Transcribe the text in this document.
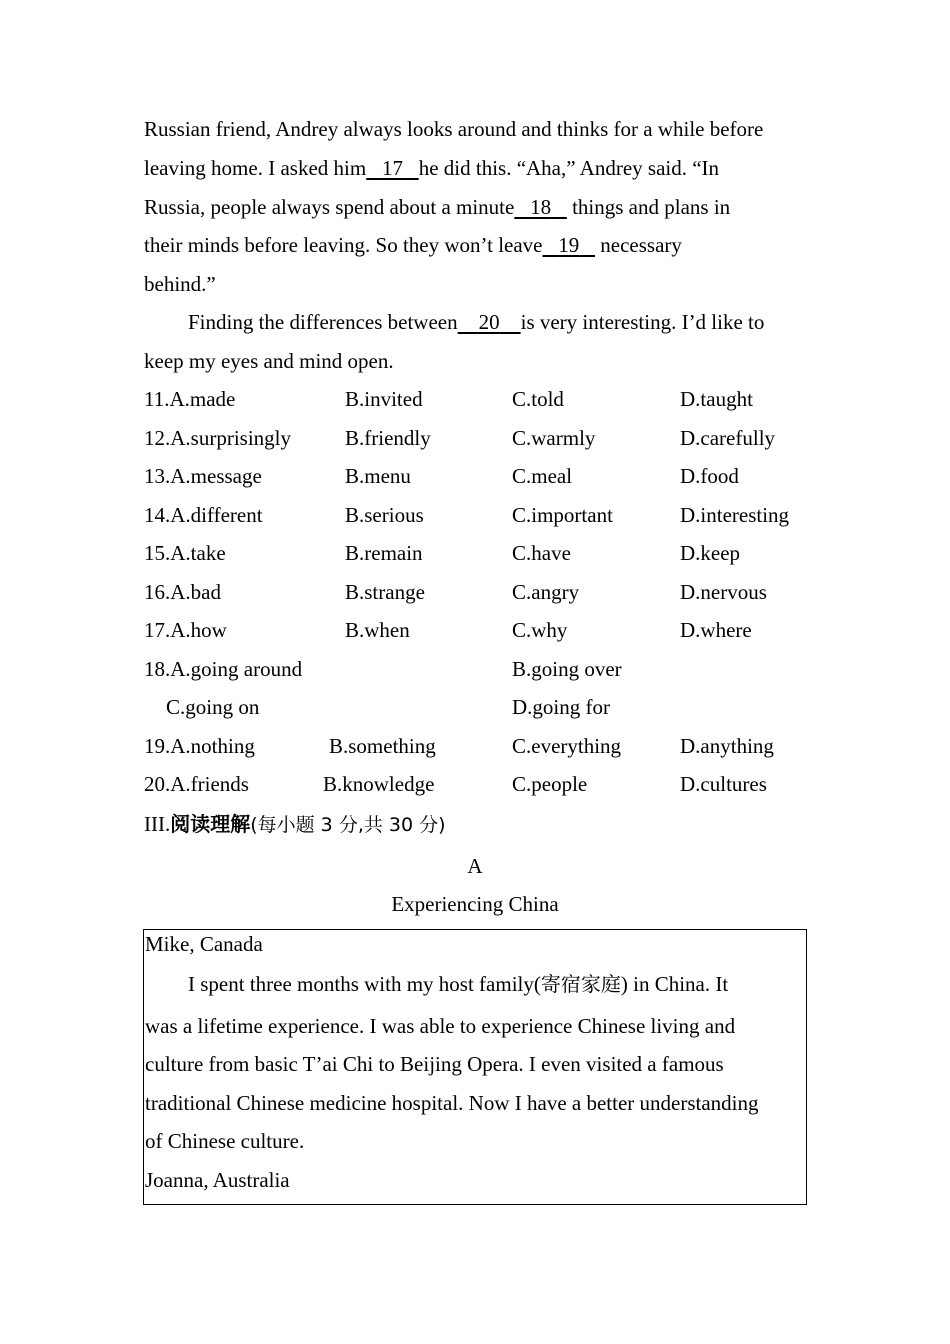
Russian friend, Andrey always looks around and thinks for a while before
leaving home. I asked him 17 he did this. “Aha,” Andrey said. “In
Russia, people always spend about a minute 18    things and plans in
their minds before leaving. So they won’t leave 19    necessary
behind.”
Finding the differences between 20 is very interesting. I’d like to
keep my eyes and mind open.
11.A.made	B.invited	C.told	D.taught
12.A.surprisingly	B.friendly	C.warmly	D.carefully
13.A.message	B.menu	C.meal	D.food
14.A.different	B.serious	C.important	D.interesting
15.A.take	B.remain	C.have	D.keep
16.A.bad	B.strange	C.angry	D.nervous
17.A.how	B.when	C.why	D.where
18.A.going around	B.going over
C.going on	D.going for
19.A.nothing	B.something	C.everything	D.anything
20.A.friends	B.knowledge	C.people	D.cultures
III.阅读理解(每小题 3 分,共 30 分)
A
Experiencing China
Mike, Canada
I spent three months with my host family(寄宿家庭) in China. It
was a lifetime experience. I was able to experience Chinese living and
culture from basic T’ai Chi to Beijing Opera. I even visited a famous
traditional Chinese medicine hospital. Now I have a better understanding
of Chinese culture.
Joanna, Australia
